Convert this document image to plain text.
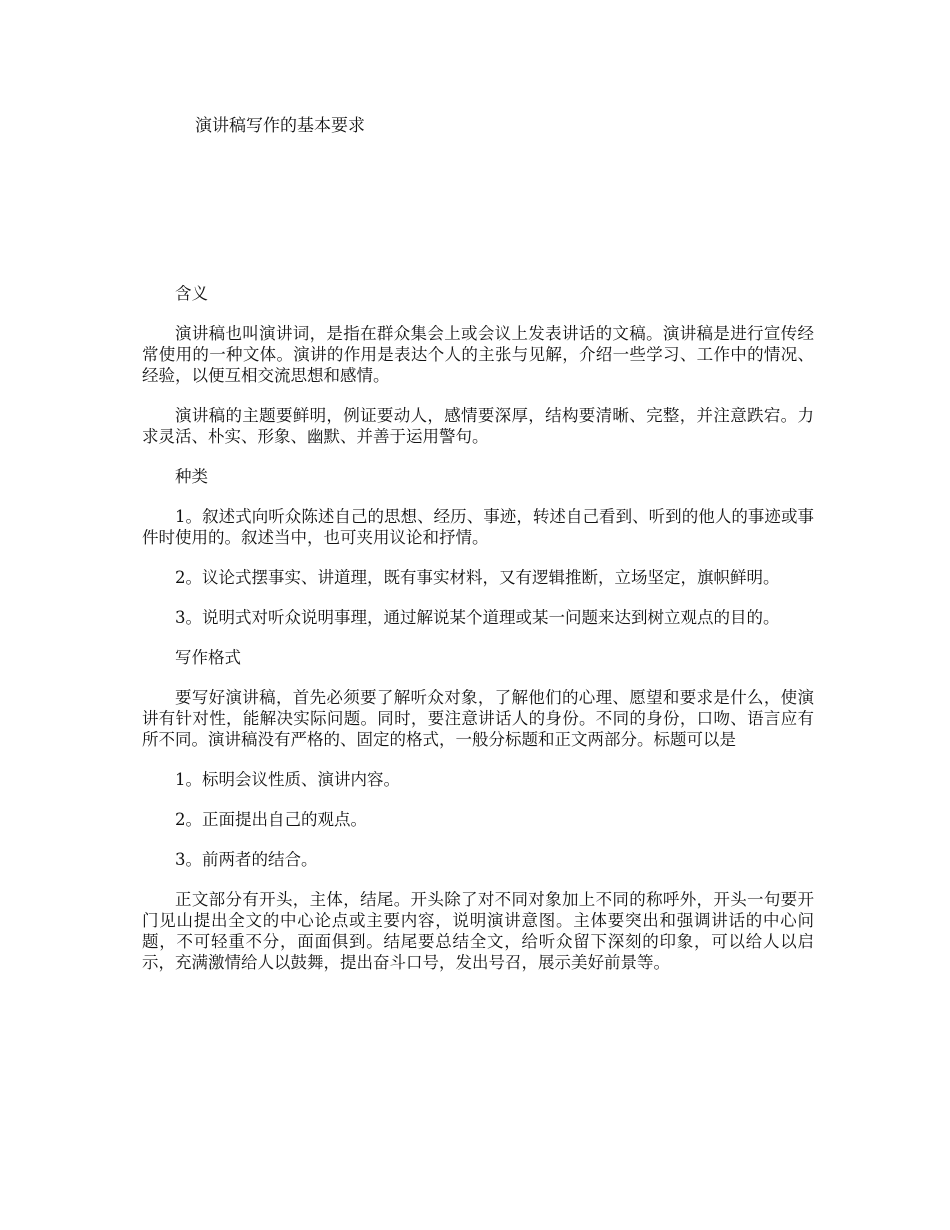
演讲稿写作的基本要求

含义

演讲稿也叫演讲词，是指在群众集会上或会议上发表讲话的文稿。演讲稿是进行宣传经常使用的一种文体。演讲的作用是表达个人的主张与见解，介绍一些学习、工作中的情况、经验，以便互相交流思想和感情。

演讲稿的主题要鲜明，例证要动人，感情要深厚，结构要清晰、完整，并注意跌宕。力求灵活、朴实、形象、幽默、并善于运用警句。

种类

1。叙述式向听众陈述自己的思想、经历、事迹，转述自己看到、听到的他人的事迹或事件时使用的。叙述当中，也可夹用议论和抒情。

2。议论式摆事实、讲道理，既有事实材料，又有逻辑推断，立场坚定，旗帜鲜明。

3。说明式对听众说明事理，通过解说某个道理或某一问题来达到树立观点的目的。

写作格式

要写好演讲稿，首先必须要了解听众对象，了解他们的心理、愿望和要求是什么，使演讲有针对性，能解决实际问题。同时，要注意讲话人的身份。不同的身份，口吻、语言应有所不同。演讲稿没有严格的、固定的格式，一般分标题和正文两部分。标题可以是

1。标明会议性质、演讲内容。

2。正面提出自己的观点。

3。前两者的结合。

正文部分有开头，主体，结尾。开头除了对不同对象加上不同的称呼外，开头一句要开门见山提出全文的中心论点或主要内容，说明演讲意图。主体要突出和强调讲话的中心问题，不可轻重不分，面面俱到。结尾要总结全文，给听众留下深刻的印象，可以给人以启示，充满激情给人以鼓舞，提出奋斗口号，发出号召，展示美好前景等。
